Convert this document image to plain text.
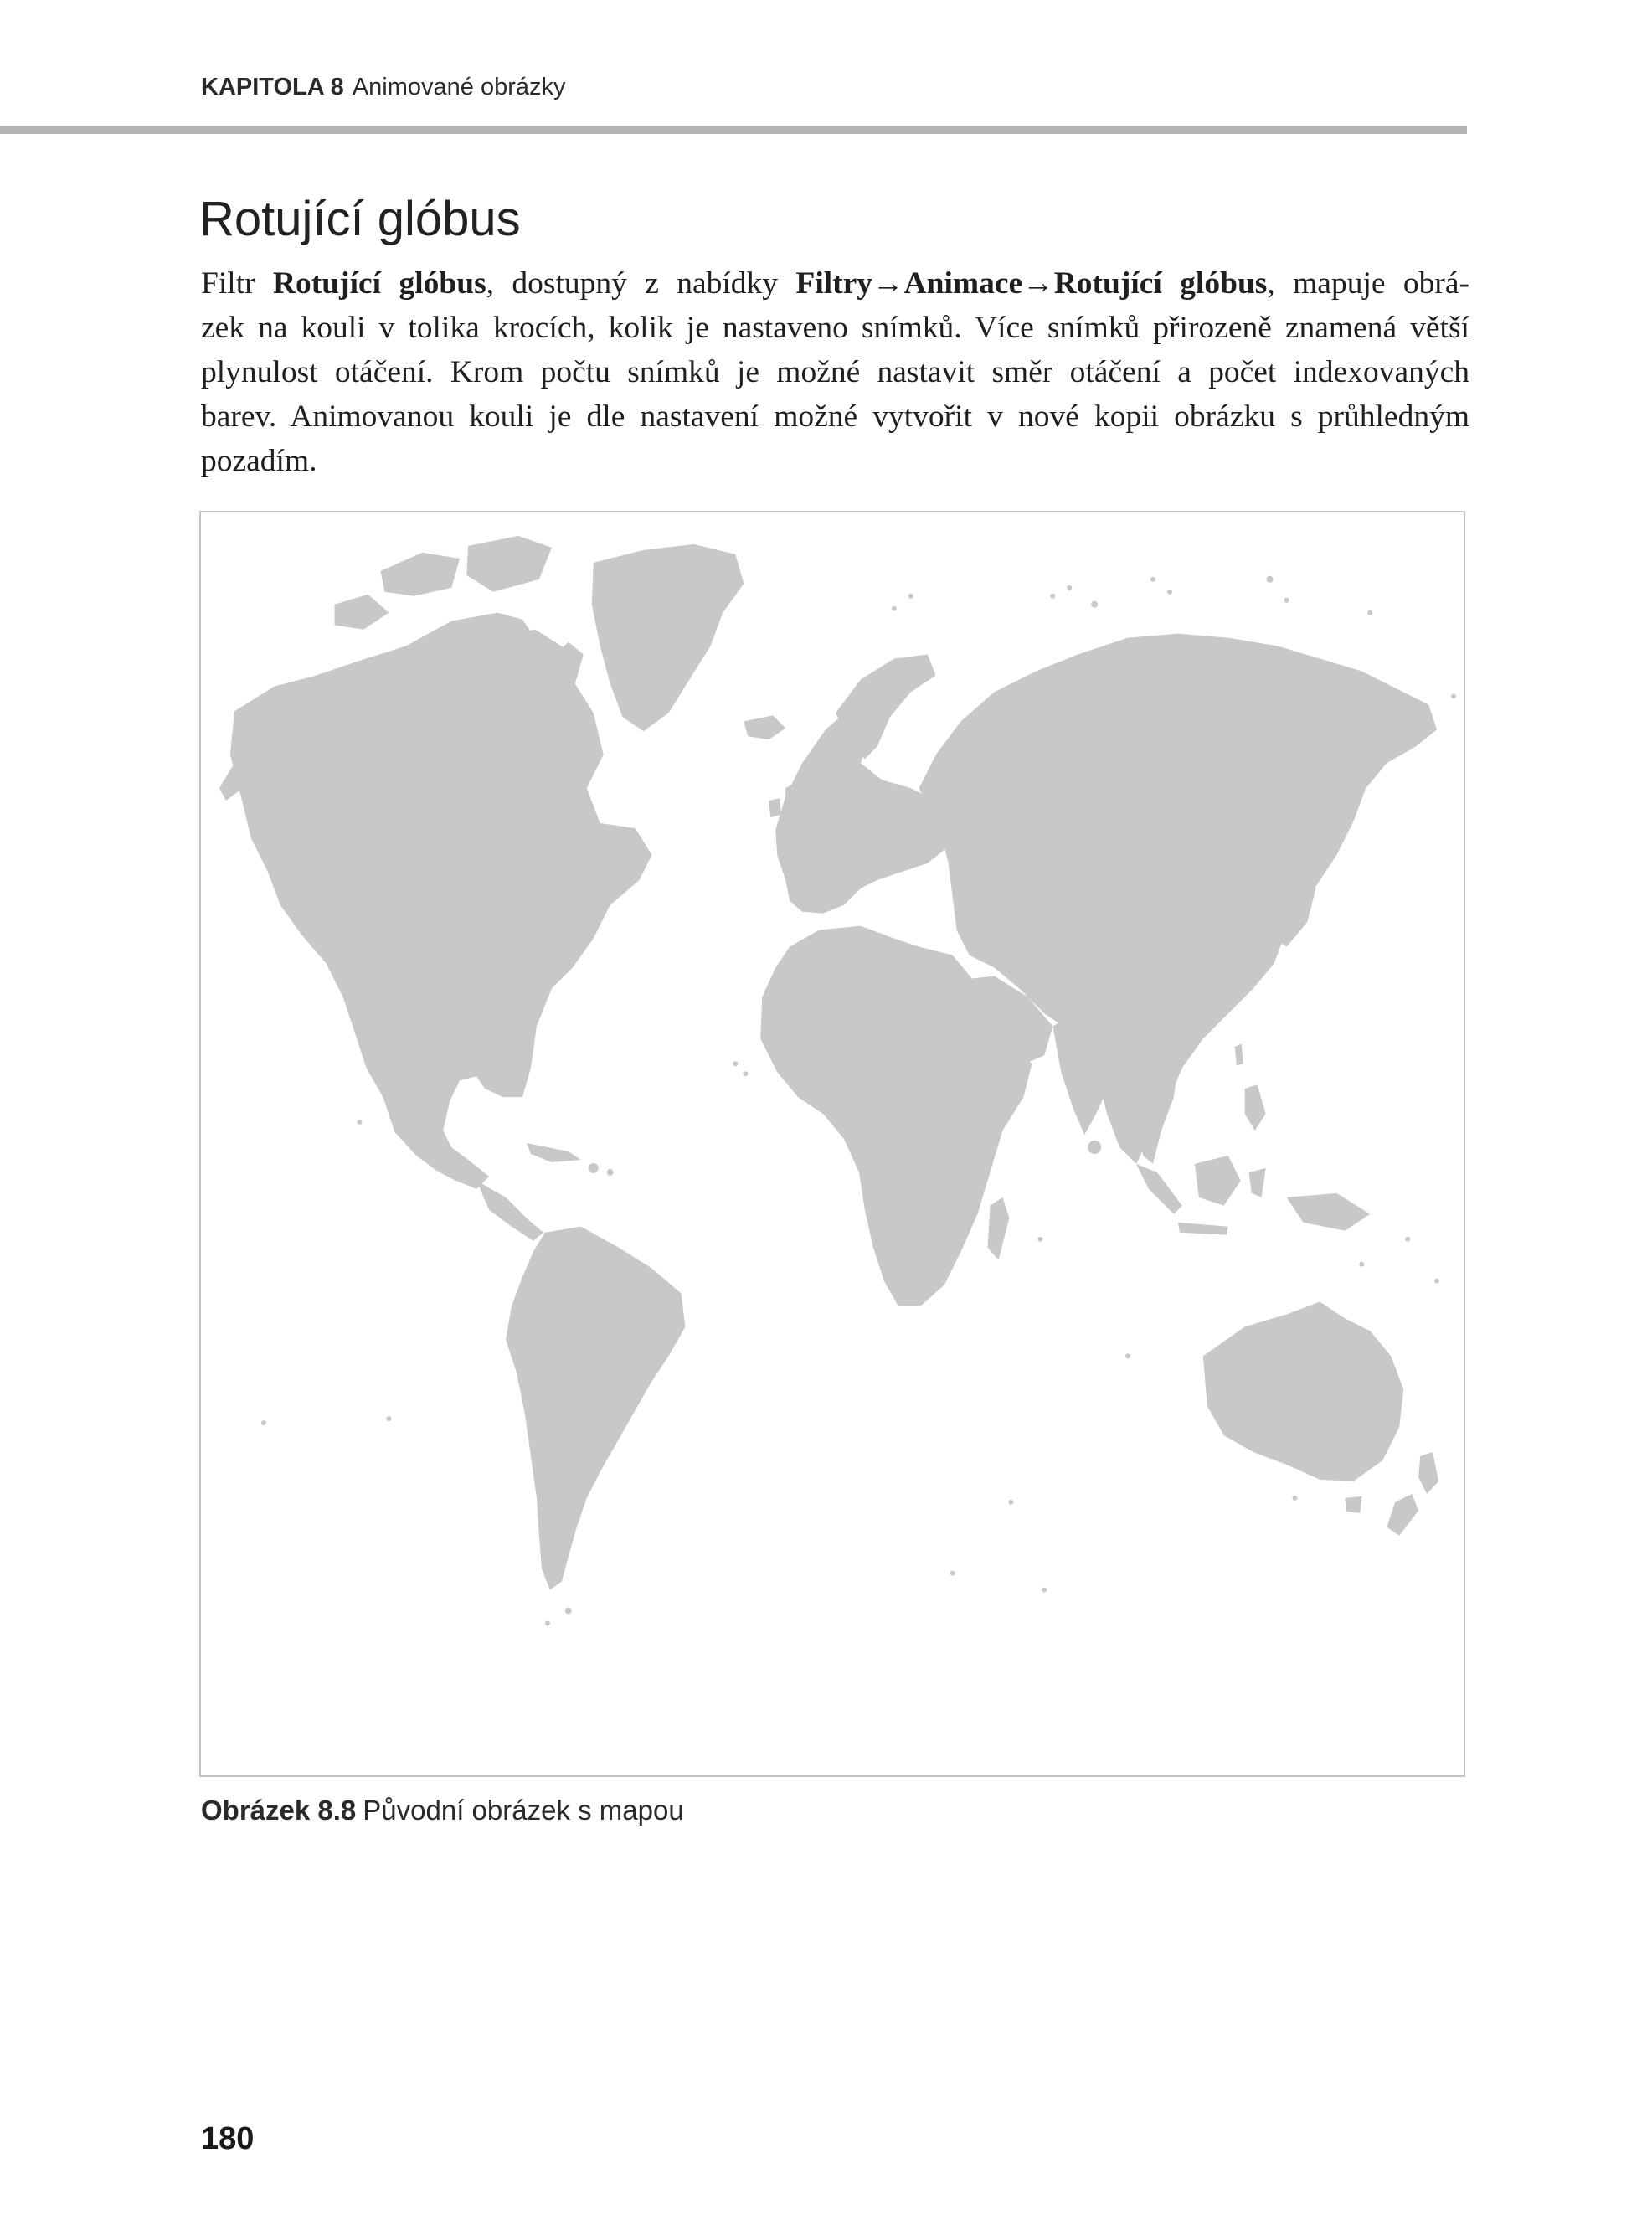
KAPITOLA 8 Animované obrázky
Rotující glóbus
Filtr Rotující glóbus, dostupný z nabídky Filtry→Animace→Rotující glóbus, mapuje obrá-
zek na kouli v tolika krocích, kolik je nastaveno snímků. Více snímků přirozeně znamená větší
plynulost otáčení. Krom počtu snímků je možné nastavit směr otáčení a počet indexovaných
barev. Animovanou kouli je dle nastavení možné vytvořit v nové kopii obrázku s průhledným
pozadím.
Obrázek 8.8 Původní obrázek s mapou
180
